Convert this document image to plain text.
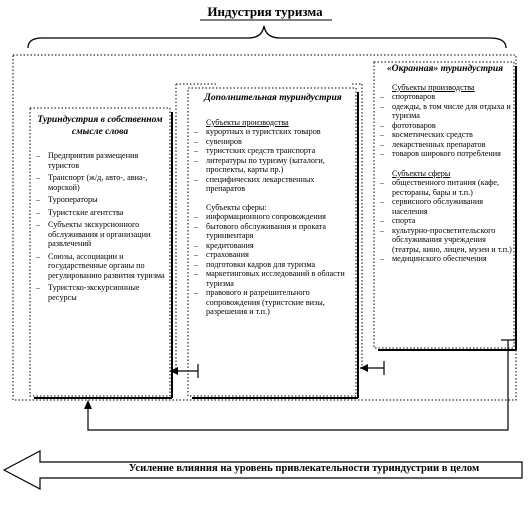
Индустрия туризма
Туриндустрия в собственном смысле слова
– Предприятия размещения туристов
– Транспорт (ж/д, авто-, авиа-, морской)
– Туроператоры
– Туристские агентства
– Субъекты экскурсионного обслуживания и организации развлечений
– Союзы, ассоциации и государственные органы по регулированию развития туризма
– Туристско-экскурсионные ресурсы
Дополнительная туриндустрия
Субъекты производства
– курортных и туристских товаров
– сувениров
– туристских средств транспорта
– литературы по туризму (каталоги, проспекты, карты пр.)
– специфических лекарственных препаратов
Субъекты сферы:
– информационного сопровождения
– бытового обслуживания и проката туринвентаря
– кредитования
– страхования
– подготовки кадров для туризма
– маркетинговых исследований в области туризма
– правового и разрешительного сопровождения (туристские визы, разрешения и т.п.)
«Окранная» туриндустрия
Субъекты производства
– спортоваров
– одежды, в том числе для отдыха и туризма
– фототоваров
– косметических средств
– лекарственных препаратов
– товаров широкого потребления
Субъекты сферы
– общественного питания (кафе, рестораны, бары и т.п.)
– сервисного обслуживания населения
– спорта
– культурно-просветительского обслуживания учреждения (театры, кино, лицеи, музеи и т.п.)
– медицинского обеспечения
Усиление влияния на уровень привлекательности туриндустрии в целом
